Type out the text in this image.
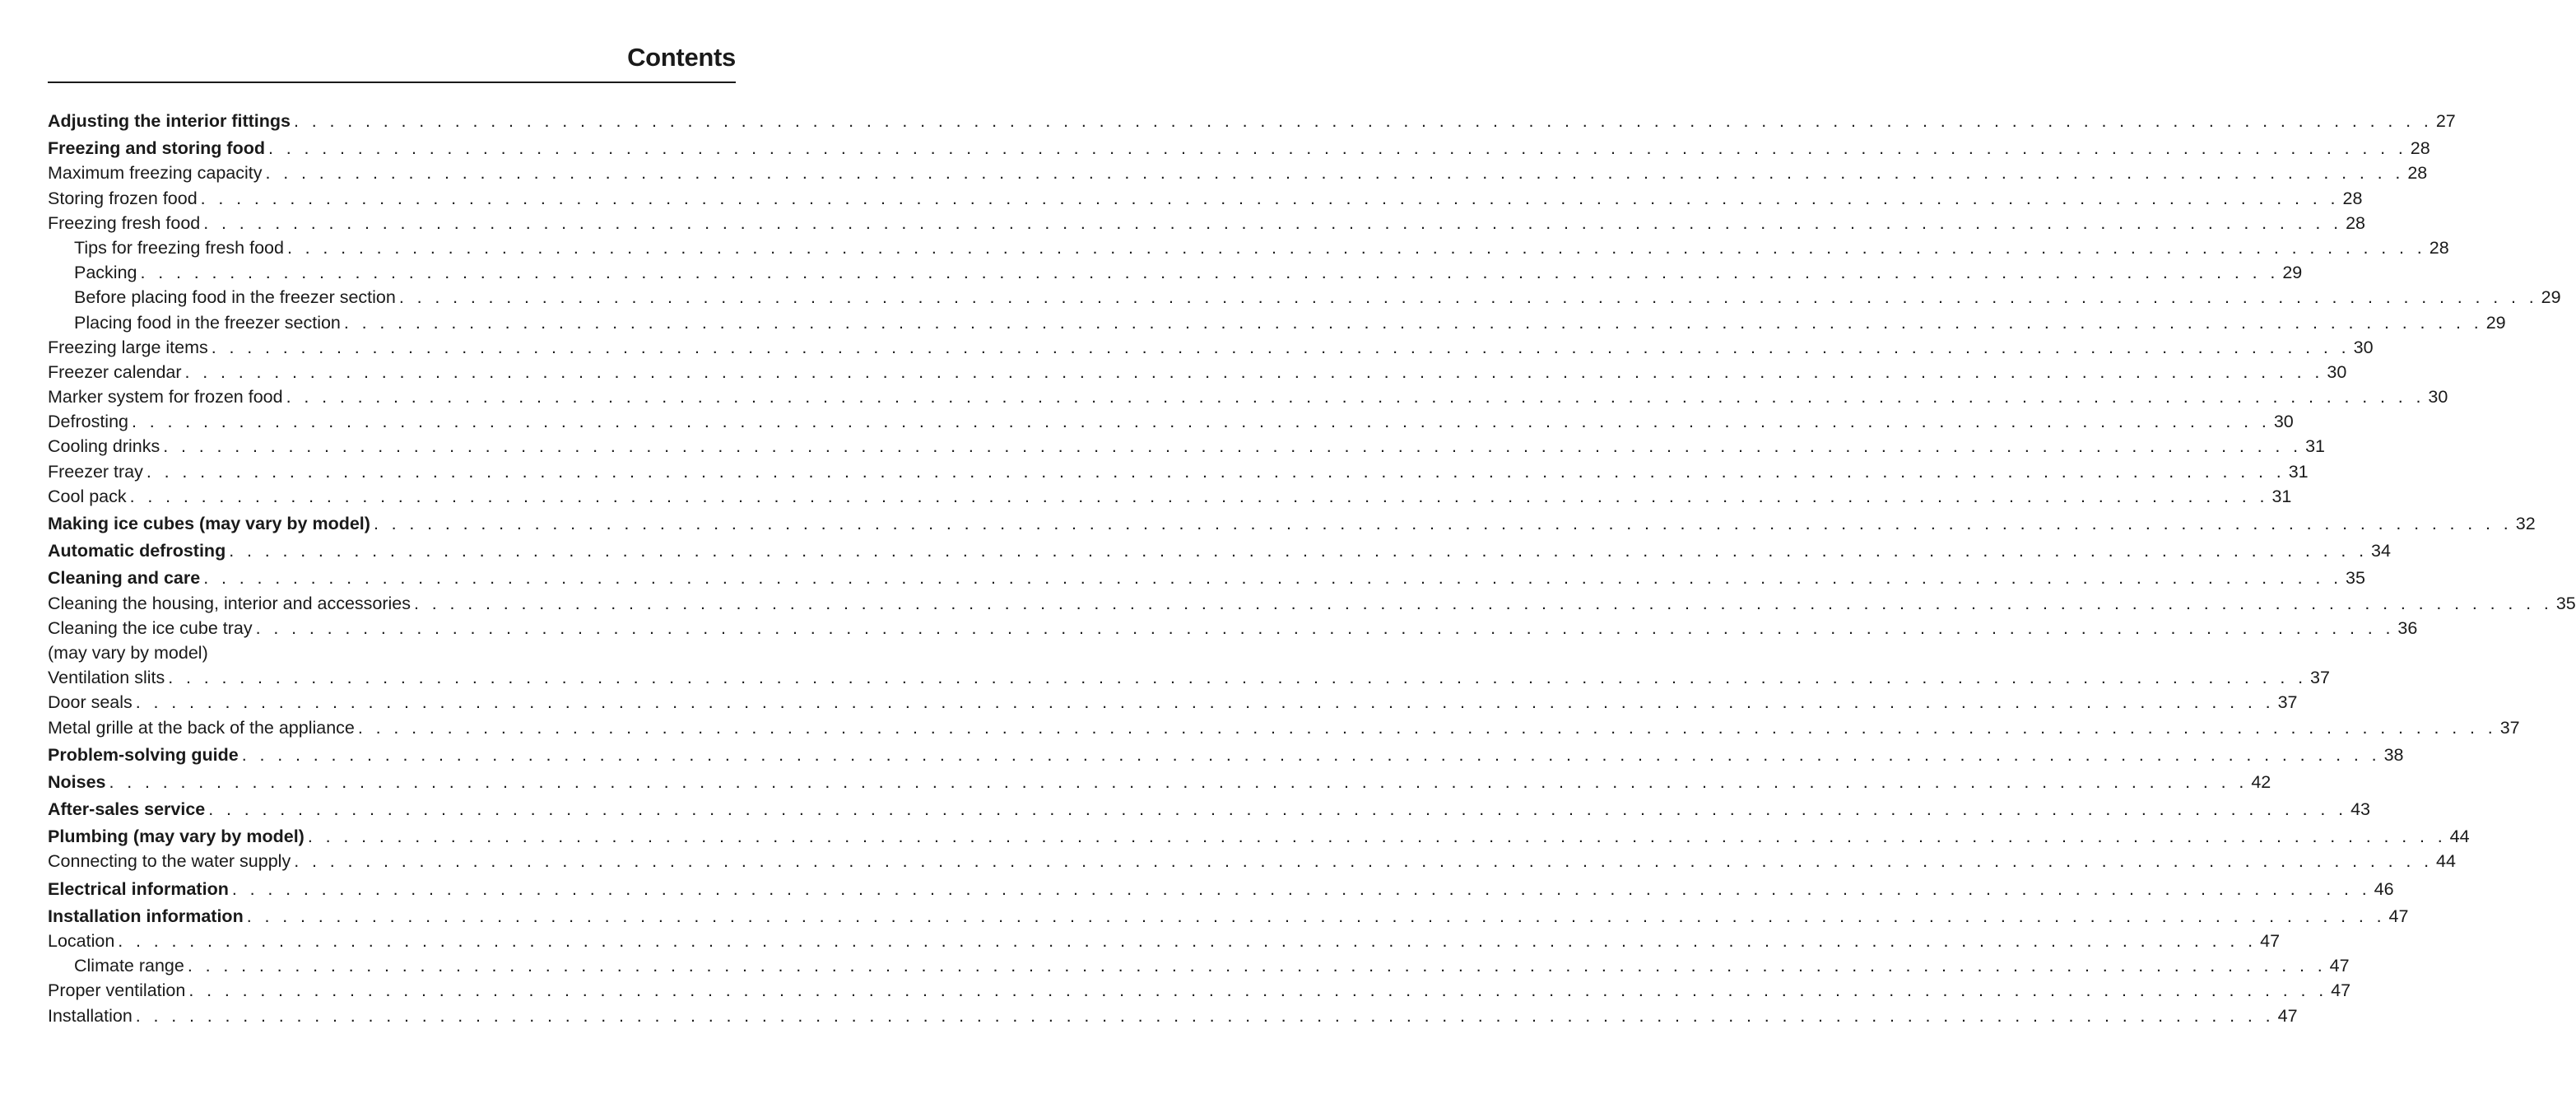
Contents
Adjusting the interior fittings . . . . . . . . . . . . . . . . . . . . . . . . . . . . . . . . . . . . . . . . . . . . . . . . . . . . . . . . . . . . . . . . . . . . . . . . . . . . . . . . . . . . . . . . . . . . . . . . . . . . . . . . . . . . . . . . . . . . . . . . 27
Freezing and storing food . . . . . . . . . . . . . . . . . . . . . . . . . . . . . . . . . . . . . . . . . . . . . . . . . . . . . . . . . . . . . . . . . . . . . . . . . . . . . . . . . . . . . . . . . . . . . . . . . . . . . . . . . . . . . . . . . . . . . . . . 28
Maximum freezing capacity . . . . . . . . . . . . . . . . . . . . . . . . . . . . . . . . . . . . . . . . . . . . . . . . . . . . . . . . . . . . . . . . . . . . . . . . . . . . . . . . . . . . . . . . . . . . . . . . . . . . . . . . . . . . . . . . . . . . . . . . 28
Storing frozen food . . . . . . . . . . . . . . . . . . . . . . . . . . . . . . . . . . . . . . . . . . . . . . . . . . . . . . . . . . . . . . . . . . . . . . . . . . . . . . . . . . . . . . . . . . . . . . . . . . . . . . . . . . . . . . . . . . . . . . . . 28
Freezing fresh food . . . . . . . . . . . . . . . . . . . . . . . . . . . . . . . . . . . . . . . . . . . . . . . . . . . . . . . . . . . . . . . . . . . . . . . . . . . . . . . . . . . . . . . . . . . . . . . . . . . . . . . . . . . . . . . . . . . . . . . . 28
Tips for freezing fresh food . . . . . . . . . . . . . . . . . . . . . . . . . . . . . . . . . . . . . . . . . . . . . . . . . . . . . . . . . . . . . . . . . . . . . . . . . . . . . . . . . . . . . . . . . . . . . . . . . . . . . . . . . . . . . . . . . . . . . . . . 28
Packing . . . . . . . . . . . . . . . . . . . . . . . . . . . . . . . . . . . . . . . . . . . . . . . . . . . . . . . . . . . . . . . . . . . . . . . . . . . . . . . . . . . . . . . . . . . . . . . . . . . . . . . . . . . . . . . . . . . . . . . . 29
Before placing food in the freezer section . . . . . . . . . . . . . . . . . . . . . . . . . . . . . . . . . . . . . . . . . . . . . . . . . . . . . . . . . . . . . . . . . . . . . . . . . . . . . . . . . . . . . . . . . . . . . . . . . . . . . . . . . . . . . . . . . . . . . . . . 29
Placing food in the freezer section . . . . . . . . . . . . . . . . . . . . . . . . . . . . . . . . . . . . . . . . . . . . . . . . . . . . . . . . . . . . . . . . . . . . . . . . . . . . . . . . . . . . . . . . . . . . . . . . . . . . . . . . . . . . . . . . . . . . . . . . 29
Freezing large items . . . . . . . . . . . . . . . . . . . . . . . . . . . . . . . . . . . . . . . . . . . . . . . . . . . . . . . . . . . . . . . . . . . . . . . . . . . . . . . . . . . . . . . . . . . . . . . . . . . . . . . . . . . . . . . . . . . . . . . . 30
Freezer calendar . . . . . . . . . . . . . . . . . . . . . . . . . . . . . . . . . . . . . . . . . . . . . . . . . . . . . . . . . . . . . . . . . . . . . . . . . . . . . . . . . . . . . . . . . . . . . . . . . . . . . . . . . . . . . . . . . . . . . . . . 30
Marker system for frozen food . . . . . . . . . . . . . . . . . . . . . . . . . . . . . . . . . . . . . . . . . . . . . . . . . . . . . . . . . . . . . . . . . . . . . . . . . . . . . . . . . . . . . . . . . . . . . . . . . . . . . . . . . . . . . . . . . . . . . . . . 30
Defrosting . . . . . . . . . . . . . . . . . . . . . . . . . . . . . . . . . . . . . . . . . . . . . . . . . . . . . . . . . . . . . . . . . . . . . . . . . . . . . . . . . . . . . . . . . . . . . . . . . . . . . . . . . . . . . . . . . . . . . . . . 30
Cooling drinks . . . . . . . . . . . . . . . . . . . . . . . . . . . . . . . . . . . . . . . . . . . . . . . . . . . . . . . . . . . . . . . . . . . . . . . . . . . . . . . . . . . . . . . . . . . . . . . . . . . . . . . . . . . . . . . . . . . . . . . . 31
Freezer tray . . . . . . . . . . . . . . . . . . . . . . . . . . . . . . . . . . . . . . . . . . . . . . . . . . . . . . . . . . . . . . . . . . . . . . . . . . . . . . . . . . . . . . . . . . . . . . . . . . . . . . . . . . . . . . . . . . . . . . . . 31
Cool pack . . . . . . . . . . . . . . . . . . . . . . . . . . . . . . . . . . . . . . . . . . . . . . . . . . . . . . . . . . . . . . . . . . . . . . . . . . . . . . . . . . . . . . . . . . . . . . . . . . . . . . . . . . . . . . . . . . . . . . . . 31
Making ice cubes (may vary by model) . . . . . . . . . . . . . . . . . . . . . . . . . . . . . . . . . . . . . . . . . . . . . . . . . . . . . . . . . . . . . . . . . . . . . . . . . . . . . . . . . . . . . . . . . . . . . . . . . . . . . . . . . . . . . . . . . . . . . . . . 32
Automatic defrosting . . . . . . . . . . . . . . . . . . . . . . . . . . . . . . . . . . . . . . . . . . . . . . . . . . . . . . . . . . . . . . . . . . . . . . . . . . . . . . . . . . . . . . . . . . . . . . . . . . . . . . . . . . . . . . . . . . . . . . . . 34
Cleaning and care . . . . . . . . . . . . . . . . . . . . . . . . . . . . . . . . . . . . . . . . . . . . . . . . . . . . . . . . . . . . . . . . . . . . . . . . . . . . . . . . . . . . . . . . . . . . . . . . . . . . . . . . . . . . . . . . . . . . . . . . 35
Cleaning the housing, interior and accessories . . . . . . . . . . . . . . . . . . . . . . . . . . . . . . . . . . . . . . . . . . . . . . . . . . . . . . . . . . . . . . . . . . . . . . . . . . . . . . . . . . . . . . . . . . . . . . . . . . . . . . . . . . . . . . . . . . . . . . . . 35
Cleaning the ice cube tray
(may vary by model)
. . . . . . . . . . . . . . . . . . . . . . . . . . . . . . . . . . . . . . . . . . . . . . . . . . . . . . . . . . . . . . . . . . . . . . . . . . . . . . . . . . . . . . . . . . . . . . . . . . . . . . . . . . . . . . . . . . . . . . . . 36
Ventilation slits . . . . . . . . . . . . . . . . . . . . . . . . . . . . . . . . . . . . . . . . . . . . . . . . . . . . . . . . . . . . . . . . . . . . . . . . . . . . . . . . . . . . . . . . . . . . . . . . . . . . . . . . . . . . . . . . . . . . . . . . 37
Door seals . . . . . . . . . . . . . . . . . . . . . . . . . . . . . . . . . . . . . . . . . . . . . . . . . . . . . . . . . . . . . . . . . . . . . . . . . . . . . . . . . . . . . . . . . . . . . . . . . . . . . . . . . . . . . . . . . . . . . . . . 37
Metal grille at the back of the appliance . . . . . . . . . . . . . . . . . . . . . . . . . . . . . . . . . . . . . . . . . . . . . . . . . . . . . . . . . . . . . . . . . . . . . . . . . . . . . . . . . . . . . . . . . . . . . . . . . . . . . . . . . . . . . . . . . . . . . . . . 37
Problem-solving guide . . . . . . . . . . . . . . . . . . . . . . . . . . . . . . . . . . . . . . . . . . . . . . . . . . . . . . . . . . . . . . . . . . . . . . . . . . . . . . . . . . . . . . . . . . . . . . . . . . . . . . . . . . . . . . . . . . . . . . . . 38
Noises . . . . . . . . . . . . . . . . . . . . . . . . . . . . . . . . . . . . . . . . . . . . . . . . . . . . . . . . . . . . . . . . . . . . . . . . . . . . . . . . . . . . . . . . . . . . . . . . . . . . . . . . . . . . . . . . . . . . . . . . 42
After-sales service . . . . . . . . . . . . . . . . . . . . . . . . . . . . . . . . . . . . . . . . . . . . . . . . . . . . . . . . . . . . . . . . . . . . . . . . . . . . . . . . . . . . . . . . . . . . . . . . . . . . . . . . . . . . . . . . . . . . . . . . 43
Plumbing (may vary by model) . . . . . . . . . . . . . . . . . . . . . . . . . . . . . . . . . . . . . . . . . . . . . . . . . . . . . . . . . . . . . . . . . . . . . . . . . . . . . . . . . . . . . . . . . . . . . . . . . . . . . . . . . . . . . . . . . . . . . . . . 44
Connecting to the water supply . . . . . . . . . . . . . . . . . . . . . . . . . . . . . . . . . . . . . . . . . . . . . . . . . . . . . . . . . . . . . . . . . . . . . . . . . . . . . . . . . . . . . . . . . . . . . . . . . . . . . . . . . . . . . . . . . . . . . . . . 44
Electrical information . . . . . . . . . . . . . . . . . . . . . . . . . . . . . . . . . . . . . . . . . . . . . . . . . . . . . . . . . . . . . . . . . . . . . . . . . . . . . . . . . . . . . . . . . . . . . . . . . . . . . . . . . . . . . . . . . . . . . . . . 46
Installation information . . . . . . . . . . . . . . . . . . . . . . . . . . . . . . . . . . . . . . . . . . . . . . . . . . . . . . . . . . . . . . . . . . . . . . . . . . . . . . . . . . . . . . . . . . . . . . . . . . . . . . . . . . . . . . . . . . . . . . . . 47
Location . . . . . . . . . . . . . . . . . . . . . . . . . . . . . . . . . . . . . . . . . . . . . . . . . . . . . . . . . . . . . . . . . . . . . . . . . . . . . . . . . . . . . . . . . . . . . . . . . . . . . . . . . . . . . . . . . . . . . . . . 47
Climate range . . . . . . . . . . . . . . . . . . . . . . . . . . . . . . . . . . . . . . . . . . . . . . . . . . . . . . . . . . . . . . . . . . . . . . . . . . . . . . . . . . . . . . . . . . . . . . . . . . . . . . . . . . . . . . . . . . . . . . . . 47
Proper ventilation . . . . . . . . . . . . . . . . . . . . . . . . . . . . . . . . . . . . . . . . . . . . . . . . . . . . . . . . . . . . . . . . . . . . . . . . . . . . . . . . . . . . . . . . . . . . . . . . . . . . . . . . . . . . . . . . . . . . . . . . 47
Installation . . . . . . . . . . . . . . . . . . . . . . . . . . . . . . . . . . . . . . . . . . . . . . . . . . . . . . . . . . . . . . . . . . . . . . . . . . . . . . . . . . . . . . . . . . . . . . . . . . . . . . . . . . . . . . . . . . . . . . . . 47
